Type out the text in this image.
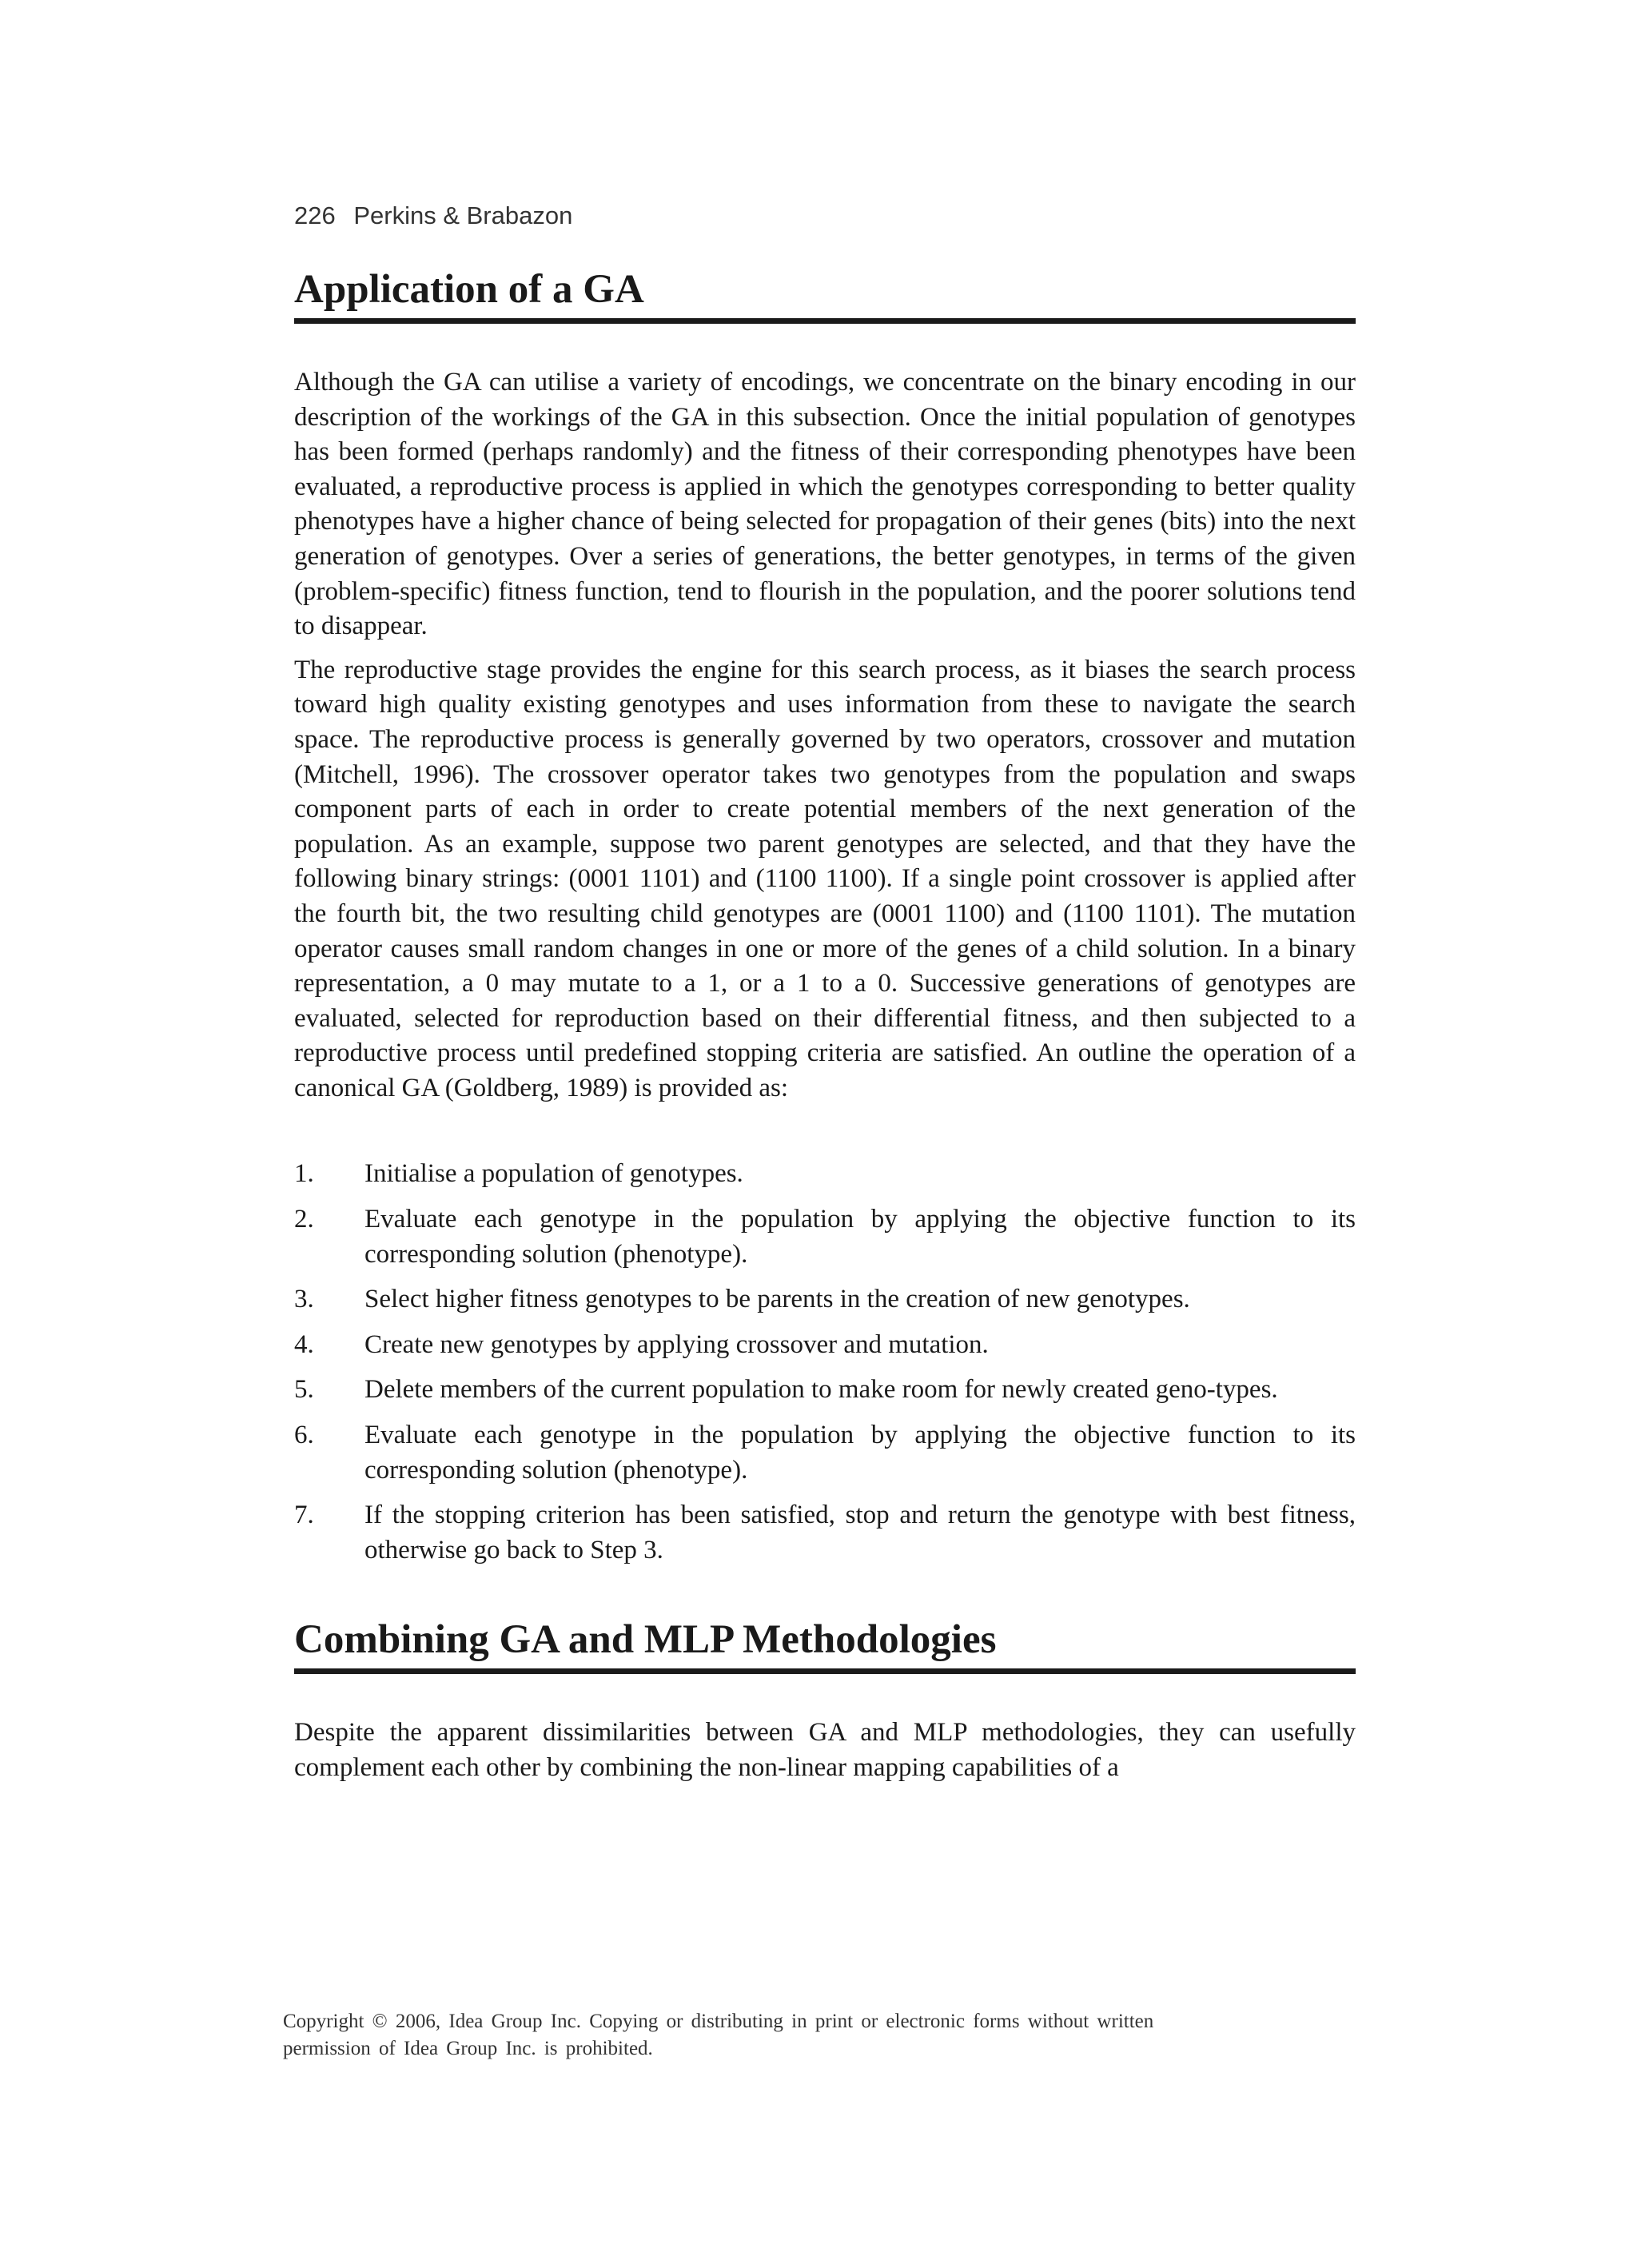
226 Perkins & Brabazon
Application of a GA

Although the GA can utilise a variety of encodings, we concentrate on the binary encoding in our description of the workings of the GA in this subsection. Once the initial population of genotypes has been formed (perhaps randomly) and the fitness of their corresponding phenotypes have been evaluated, a reproductive process is applied in which the genotypes corresponding to better quality phenotypes have a higher chance of being selected for propagation of their genes (bits) into the next generation of genotypes. Over a series of generations, the better genotypes, in terms of the given (problem-specific) fitness function, tend to flourish in the population, and the poorer solutions tend to disappear.

The reproductive stage provides the engine for this search process, as it biases the search process toward high quality existing genotypes and uses information from these to navigate the search space. The reproductive process is generally governed by two operators, crossover and mutation (Mitchell, 1996). The crossover operator takes two genotypes from the population and swaps component parts of each in order to create potential members of the next generation of the population. As an example, suppose two parent genotypes are selected, and that they have the following binary strings: (0001 1101) and (1100 1100). If a single point crossover is applied after the fourth bit, the two resulting child genotypes are (0001 1100) and (1100 1101). The mutation operator causes small random changes in one or more of the genes of a child solution. In a binary representation, a 0 may mutate to a 1, or a 1 to a 0. Successive generations of genotypes are evaluated, selected for reproduction based on their differential fitness, and then subjected to a reproductive process until predefined stopping criteria are satisfied. An outline the operation of a canonical GA (Goldberg, 1989) is provided as:

1.	Initialise a population of genotypes.
2.	Evaluate each genotype in the population by applying the objective function to its corresponding solution (phenotype).
3.	Select higher fitness genotypes to be parents in the creation of new genotypes.
4.	Create new genotypes by applying crossover and mutation.
5.	Delete members of the current population to make room for newly created geno-types.
6.	Evaluate each genotype in the population by applying the objective function to its corresponding solution (phenotype).
7.	If the stopping criterion has been satisfied, stop and return the genotype with best fitness, otherwise go back to Step 3.
Combining GA and MLP Methodologies

Despite the apparent dissimilarities between GA and MLP methodologies, they can usefully complement each other by combining the non-linear mapping capabilities of a

Copyright © 2006, Idea Group Inc. Copying or distributing in print or electronic forms without written
permission of Idea Group Inc. is prohibited.
